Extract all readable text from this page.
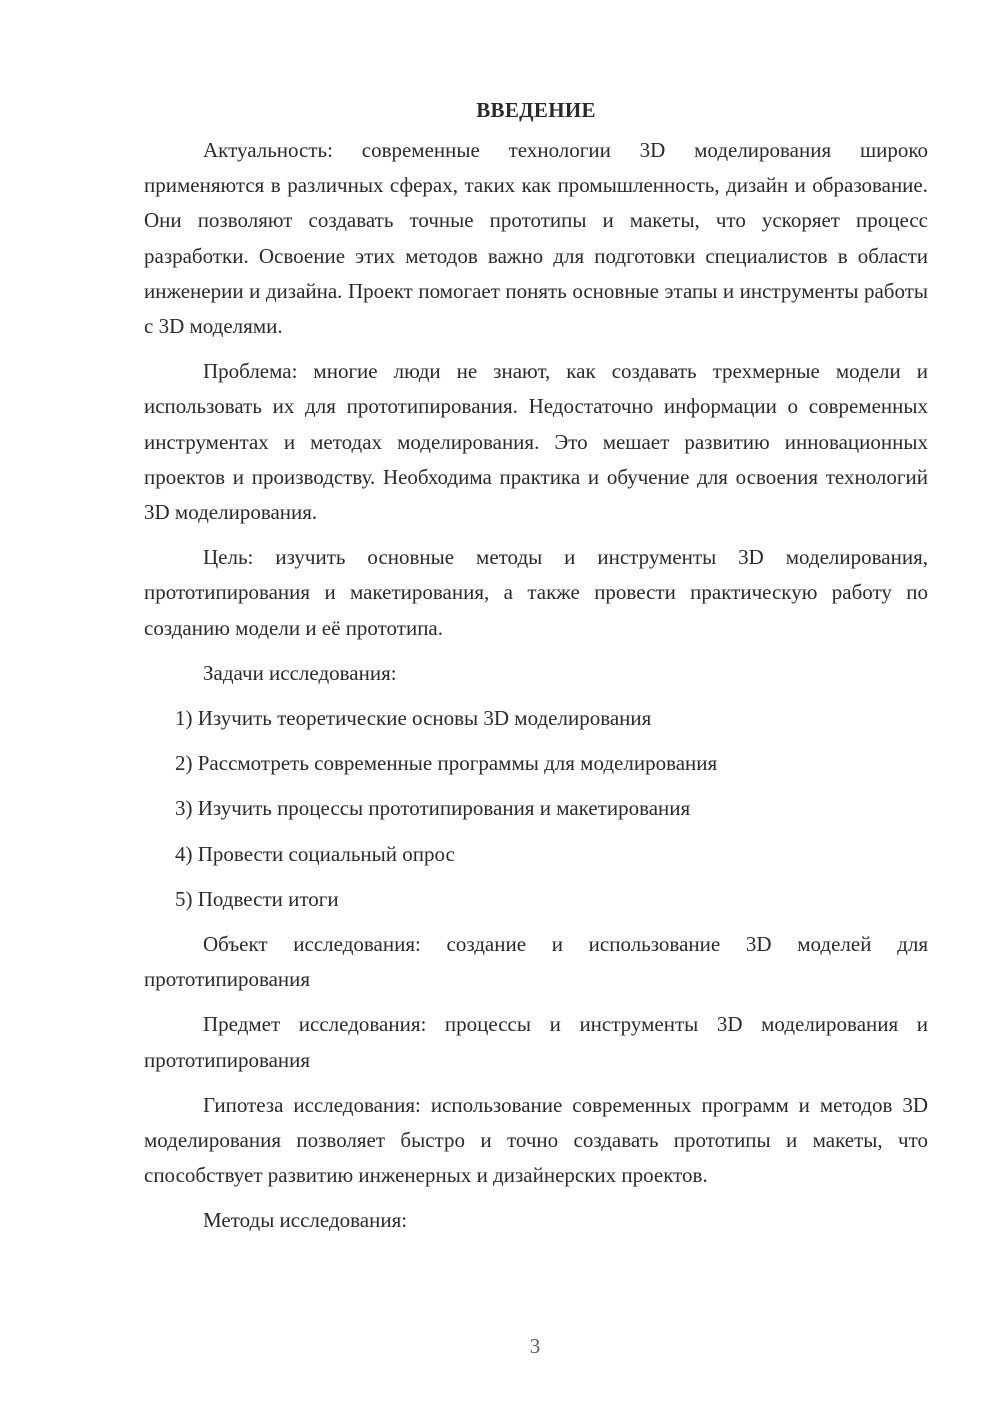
ВВЕДЕНИЕ

Актуальность: современные технологии 3D моделирования широко применяются в различных сферах, таких как промышленность, дизайн и образование. Они позволяют создавать точные прототипы и макеты, что ускоряет процесс разработки. Освоение этих методов важно для подготовки специалистов в области инженерии и дизайна. Проект помогает понять основные этапы и инструменты работы с 3D моделями.

Проблема: многие люди не знают, как создавать трехмерные модели и использовать их для прототипирования. Недостаточно информации о современных инструментах и методах моделирования. Это мешает развитию инновационных проектов и производству. Необходима практика и обучение для освоения технологий 3D моделирования.

Цель: изучить основные методы и инструменты 3D моделирования, прототипирования и макетирования, а также провести практическую работу по созданию модели и её прототипа.

Задачи исследования:

1) Изучить теоретические основы 3D моделирования

2) Рассмотреть современные программы для моделирования

3) Изучить процессы прототипирования и макетирования

4) Провести социальный опрос

5) Подвести итоги

Объект исследования: создание и использование 3D моделей для прототипирования

Предмет исследования: процессы и инструменты 3D моделирования и прототипирования

Гипотеза исследования: использование современных программ и методов 3D моделирования позволяет быстро и точно создавать прототипы и макеты, что способствует развитию инженерных и дизайнерских проектов.

Методы исследования:

3
